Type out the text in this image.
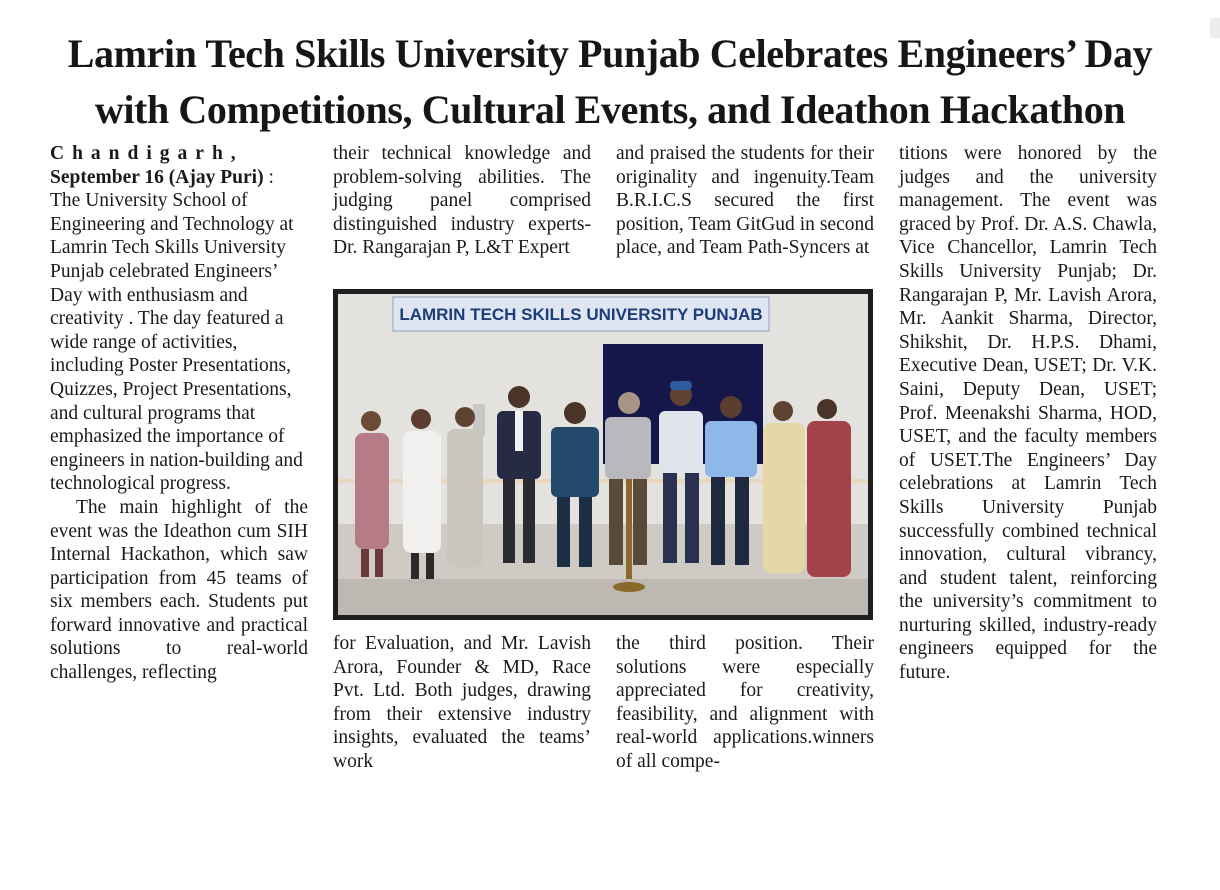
Lamrin Tech Skills University Punjab Celebrates Engineers’ Day
with Competitions, Cultural Events, and Ideathon Hackathon

Chandigarh,
September 16 (Ajay Puri) : The University School of Engineering and Technology at Lamrin Tech Skills University Punjab celebrated Engineers’ Day with enthusiasm and creativity . The day featured a wide range of activities, including Poster Presentations, Quizzes, Project Presentations, and cultural programs that emphasized the importance of engineers in nation-building and technological progress.

The main highlight of the event was the Ideathon cum SIH Internal Hackathon, which saw participation from 45 teams of six members each. Students put forward innovative and practical solutions to real-world challenges, reflecting

their technical knowledge and problem-solving abilities. The judging panel comprised distinguished industry experts- Dr. Rangarajan P, L&T Expert

and praised the students for their originality and ingenuity.Team B.R.I.C.S secured the first position, Team GitGud in second place, and Team Path-Syncers at

LAMRIN TECH SKILLS UNIVERSITY PUNJAB

for Evaluation, and Mr. Lavish Arora, Founder & MD, Race Pvt. Ltd. Both judges, drawing from their extensive industry insights, evaluated the teams’ work

the third position. Their solutions were especially appreciated for creativity, feasibility, and alignment with real-world applications.winners of all compe-

titions were honored by the judges and the university management. The event was graced by Prof. Dr. A.S. Chawla, Vice Chancellor, Lamrin Tech Skills University Punjab; Dr. Rangarajan P, Mr. Lavish Arora, Mr. Aankit Sharma, Director, Shikshit, Dr. H.P.S. Dhami, Executive Dean, USET; Dr. V.K. Saini, Deputy Dean, USET; Prof. Meenakshi Sharma, HOD, USET, and the faculty members of USET.The Engineers’ Day celebrations at Lamrin Tech Skills University Punjab successfully combined technical innovation, cultural vibrancy, and student talent, reinforcing the university’s commitment to nurturing skilled, industry-ready engineers equipped for the future.
